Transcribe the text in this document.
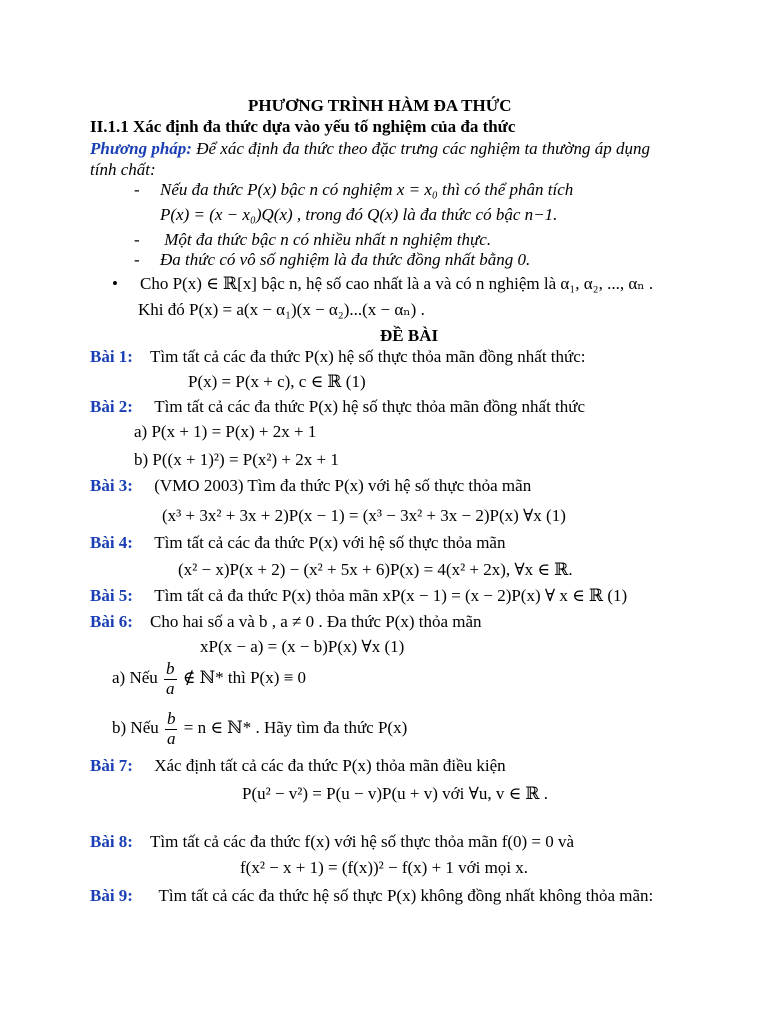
PHƯƠNG TRÌNH HÀM ĐA THỨC
II.1.1 Xác định đa thức dựa vào yếu tố nghiệm của đa thức
Phương pháp: Để xác định đa thức theo đặc trưng các nghiệm ta thường áp dụng
tính chất:
- Nếu đa thức P(x) bậc n có nghiệm x = x₀ thì có thể phân tích
P(x) = (x − x₀)Q(x) , trong đó Q(x) là đa thức có bậc n−1.
- Một đa thức bậc n có nhiều nhất n nghiệm thực.
- Đa thức có vô số nghiệm là đa thức đồng nhất bằng 0.
• Cho P(x) ∈ ℝ[x] bậc n, hệ số cao nhất là a và có n nghiệm là α₁, α₂, ..., αₙ .
Khi đó P(x) = a(x − α₁)(x − α₂)...(x − αₙ) .
ĐỀ BÀI
Bài 1: Tìm tất cả các đa thức P(x) hệ số thực thỏa mãn đồng nhất thức:
P(x) = P(x + c), c ∈ ℝ (1)
Bài 2: Tìm tất cả các đa thức P(x) hệ số thực thỏa mãn đồng nhất thức
a) P(x + 1) = P(x) + 2x + 1
b) P((x + 1)²) = P(x²) + 2x + 1
Bài 3: (VMO 2003) Tìm đa thức P(x) với hệ số thực thỏa mãn
(x³ + 3x² + 3x + 2)P(x − 1) = (x³ − 3x² + 3x − 2)P(x) ∀x (1)
Bài 4: Tìm tất cả các đa thức P(x) với hệ số thực thỏa mãn
(x² − x)P(x + 2) − (x² + 5x + 6)P(x) = 4(x² + 2x), ∀x ∈ ℝ.
Bài 5: Tìm tất cả đa thức P(x) thỏa mãn xP(x − 1) = (x − 2)P(x) ∀ x ∈ ℝ (1)
Bài 6: Cho hai số a và b , a ≠ 0 . Đa thức P(x) thỏa mãn
xP(x − a) = (x − b)P(x) ∀x (1)
a) Nếu $\frac{b}{a}$ ∉ ℕ* thì P(x) ≡ 0
b) Nếu $\frac{b}{a} = n$ ∈ ℕ* . Hãy tìm đa thức P(x)
Bài 7: Xác định tất cả các đa thức P(x) thỏa mãn điều kiện
P(u² − v²) = P(u − v)P(u + v) với ∀u, v ∈ ℝ .
Bài 8: Tìm tất cả các đa thức f(x) với hệ số thực thỏa mãn f(0) = 0 và
f(x² − x + 1) = (f(x))² − f(x) + 1 với mọi x.
Bài 9: Tìm tất cả các đa thức hệ số thực P(x) không đồng nhất không thỏa mãn:
